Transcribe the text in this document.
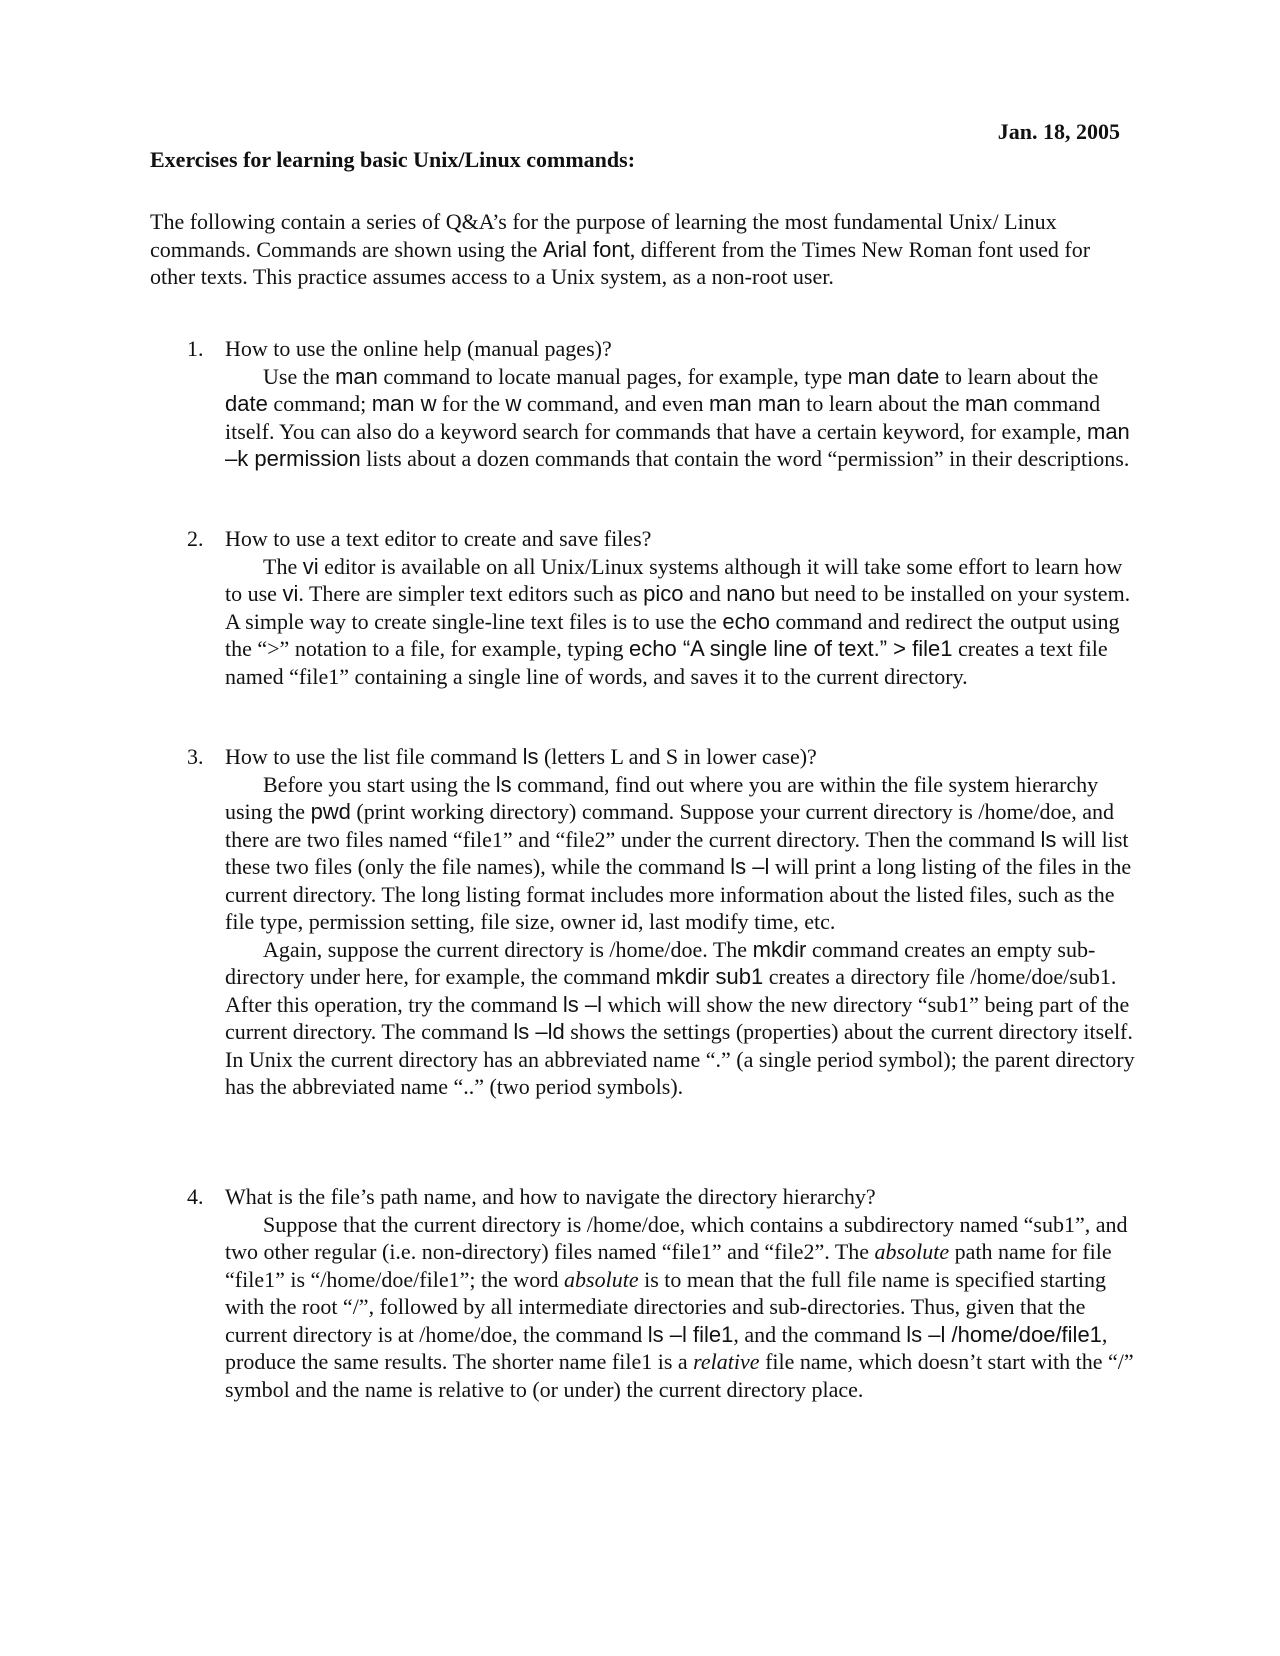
Jan. 18, 2005
Exercises for learning basic Unix/Linux commands:
The following contain a series of Q&A’s for the purpose of learning the most fundamental Unix/ Linux commands. Commands are shown using the Arial font, different from the Times New Roman font used for other texts. This practice assumes access to a Unix system, as a non-root user.
1. How to use the online help (manual pages)?

Use the man command to locate manual pages, for example, type man date to learn about the date command; man w for the w command, and even man man to learn about the man command itself. You can also do a keyword search for commands that have a certain keyword, for example, man –k permission lists about a dozen commands that contain the word “permission” in their descriptions.

2. How to use a text editor to create and save files?

The vi editor is available on all Unix/Linux systems although it will take some effort to learn how to use vi. There are simpler text editors such as pico and nano but need to be installed on your system. A simple way to create single-line text files is to use the echo command and redirect the output using the “>” notation to a file, for example, typing echo “A single line of text.” > file1 creates a text file named “file1” containing a single line of words, and saves it to the current directory.

3. How to use the list file command ls (letters L and S in lower case)?

Before you start using the ls command, find out where you are within the file system hierarchy using the pwd (print working directory) command. Suppose your current directory is /home/doe, and there are two files named “file1” and “file2” under the current directory. Then the command ls will list these two files (only the file names), while the command ls –l will print a long listing of the files in the current directory. The long listing format includes more information about the listed files, such as the file type, permission setting, file size, owner id, last modify time, etc.

Again, suppose the current directory is /home/doe. The mkdir command creates an empty sub-directory under here, for example, the command mkdir sub1 creates a directory file /home/doe/sub1. After this operation, try the command ls –l which will show the new directory “sub1” being part of the current directory. The command ls –ld shows the settings (properties) about the current directory itself. In Unix the current directory has an abbreviated name “.” (a single period symbol); the parent directory has the abbreviated name “..” (two period symbols).

4. What is the file’s path name, and how to navigate the directory hierarchy?

Suppose that the current directory is /home/doe, which contains a subdirectory named “sub1”, and two other regular (i.e. non-directory) files named “file1” and “file2”. The absolute path name for file “file1” is “/home/doe/file1”; the word absolute is to mean that the full file name is specified starting with the root “/”, followed by all intermediate directories and sub-directories. Thus, given that the current directory is at /home/doe, the command ls –l file1, and the command ls –l /home/doe/file1, produce the same results. The shorter name file1 is a relative file name, which doesn’t start with the “/” symbol and the name is relative to (or under) the current directory place.
